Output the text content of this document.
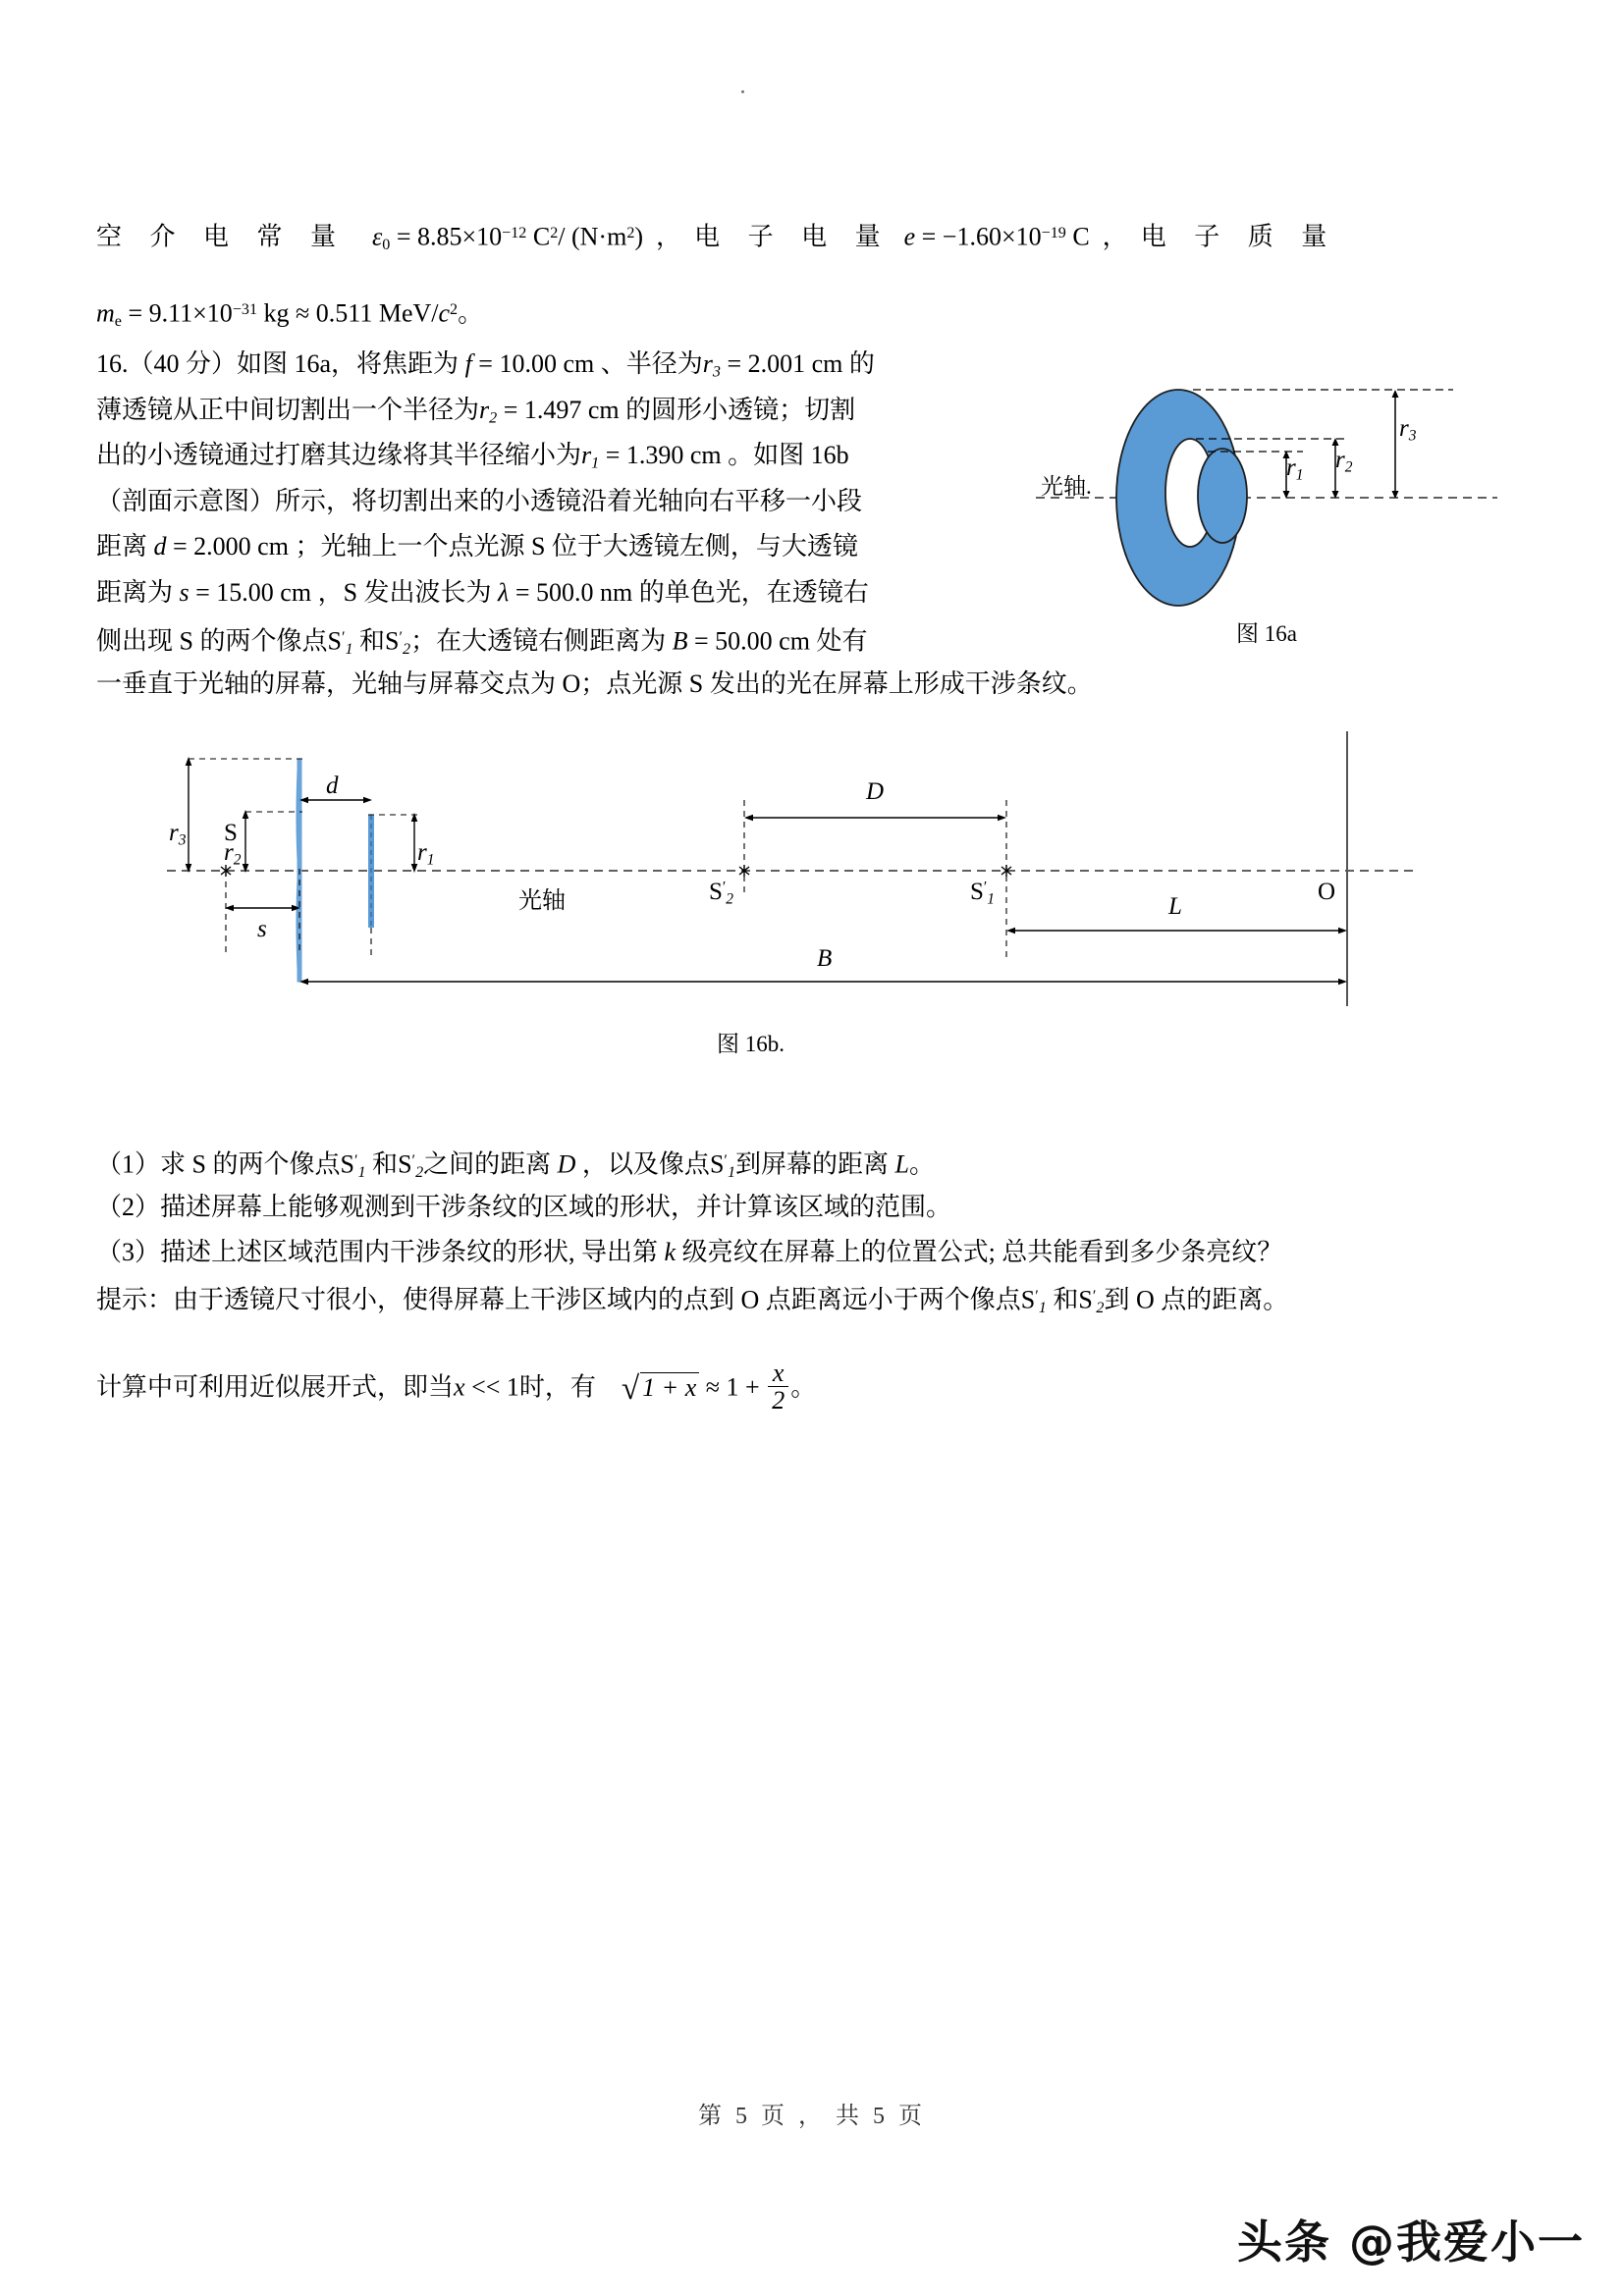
空 介 电 常 量 $\varepsilon 0 = 8.85\times 10^{-12}$ $C^2/$ $(N\cdot m^2)$ ， 电 子 电 量 $e = -1.60\times 10^{-19}$ C ， 电 子 质 量
me = $9.11\times 10^{-31}$ kg ≈ 0.511 MeV/$c^2$。
16.（40 分）如图 16a，将焦距为 f = 10.00 cm 、半径为$r_3 = 2.001$ cm 的
薄透镜从正中间切割出一个半径为$r_2 = 1.497$ cm 的圆形小透镜；切割
出的小透镜通过打磨其边缘将其半径缩小为$r_1 = 1.390$ cm 。如图 16b
（剖面示意图）所示，将切割出来的小透镜沿着光轴向右平移一小段
距离 d = 2.000 cm ；光轴上一个点光源 S 位于大透镜左侧，与大透镜
距离为 s = 15.00 cm ，S 发出波长为 λ = 500.0 nm 的单色光，在透镜右
侧出现 S 的两个像点$S'_1$ 和$S'_2$；在大透镜右侧距离为 B = 50.00 cm 处有
一垂直于光轴的屏幕，光轴与屏幕交点为 O；点光源 S 发出的光在屏幕上形成干涉条纹。
光轴.
$r_1$
$r_2$
$r_3$
图 16a
$r_3$ S
$r_2$	$r_1$
d
s
光轴	$S'_2$	$S'_1$	O
D
L
B
图 16b.
（1）求 S 的两个像点$S'_1$ 和$S'_2$之间的距离 D ，以及像点$S'_1$到屏幕的距离 L。
（2）描述屏幕上能够观测到干涉条纹的区域的形状，并计算该区域的范围。
（3）描述上述区域范围内干涉条纹的形状, 导出第 k 级亮纹在屏幕上的位置公式; 总共能看到多少条亮纹？
提示：由于透镜尺寸很小，使得屏幕上干涉区域内的点到 O 点距离远小于两个像点$S'_1$ 和$S'_2$到 O 点的距离。
计算中可利用近似展开式，即当x << 1时，有 √ $1 + x \approx 1 + \frac{x}{2}$ 。
第 5 页 ， 共 5 页
头条 @我爱小一
